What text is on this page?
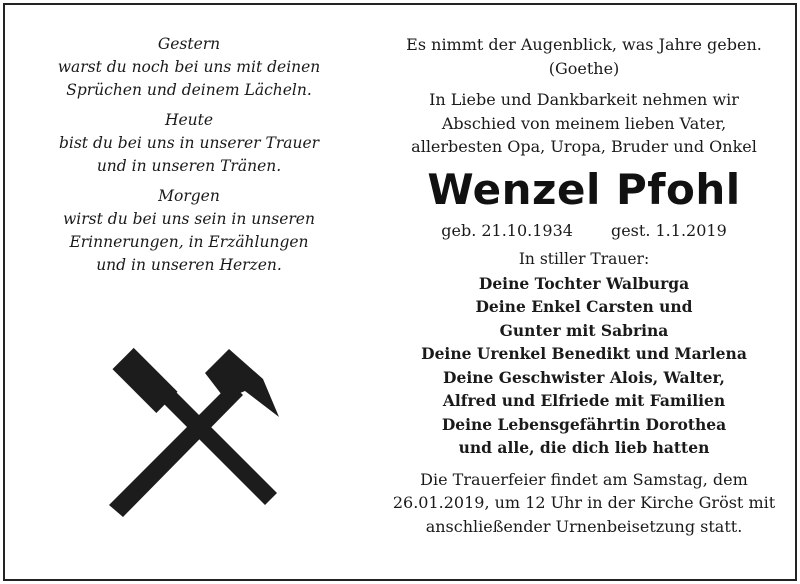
Gestern
warst du noch bei uns mit deinen
Sprüchen und deinem Lächeln.
Heute
bist du bei uns in unserer Trauer
und in unseren Tränen.
Morgen
wirst du bei uns sein in unseren
Erinnerungen, in Erzählungen
und in unseren Herzen.
Es nimmt der Augenblick, was Jahre geben.
(Goethe)
In Liebe und Dankbarkeit nehmen wir
Abschied von meinem lieben Vater,
allerbesten Opa, Uropa, Bruder und Onkel
Wenzel Pfohl
geb. 21.10.1934 gest. 1.1.2019
In stiller Trauer:
Deine Tochter Walburga
Deine Enkel Carsten und
Gunter mit Sabrina
Deine Urenkel Benedikt und Marlena
Deine Geschwister Alois, Walter,
Alfred und Elfriede mit Familien
Deine Lebensgefährtin Dorothea
und alle, die dich lieb hatten
Die Trauerfeier findet am Samstag, dem
26.01.2019, um 12 Uhr in der Kirche Gröst mit
anschließender Urnenbeisetzung statt.
